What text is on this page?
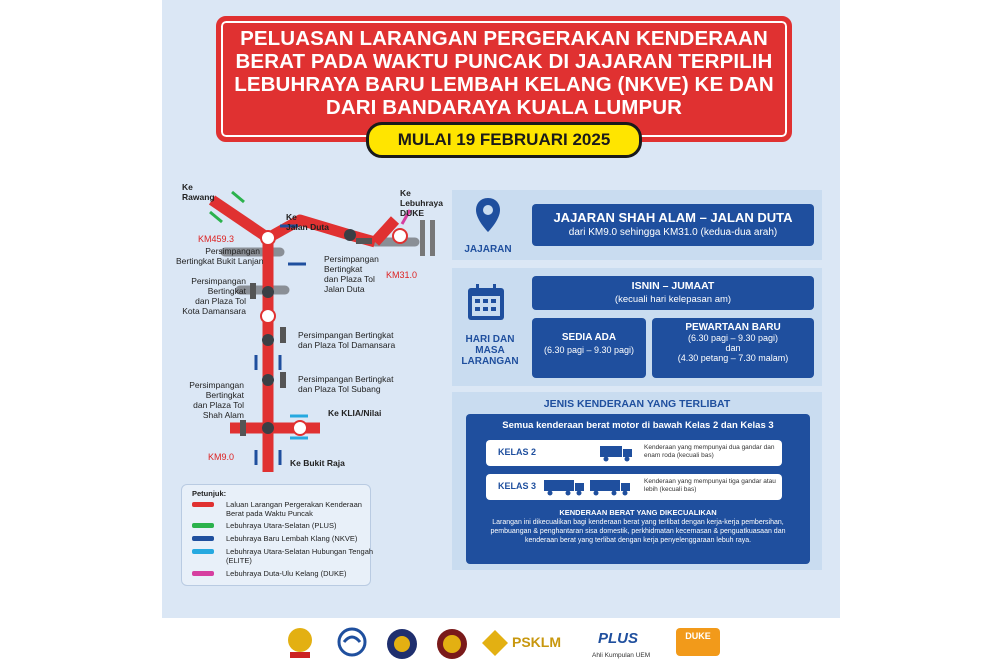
PELUASAN LARANGAN PERGERAKAN KENDERAAN
BERAT PADA WAKTU PUNCAK DI JAJARAN TERPILIH
LEBUHRAYA BARU LEMBAH KELANG (NKVE) KE DAN
DARI BANDARAYA KUALA LUMPUR
MULAI 19 FEBRUARI 2025
Ke
Rawang
Ke
Jalan Duta
Ke
Lebuhraya
DUKE
KM459.3
KM31.0
KM9.0
Persimpangan
Bertingkat Bukit Lanjan	Persimpangan
Bertingkat
dan Plaza Tol
Jalan Duta
Persimpangan
Bertingkat
dan Plaza Tol
Kota Damansara
Persimpangan Bertingkat
dan Plaza Tol Damansara
Persimpangan Bertingkat
dan Plaza Tol Subang
Persimpangan
Bertingkat
dan Plaza Tol
Shah Alam	Ke KLIA/Nilai
Ke Bukit Raja
Petunjuk:
Laluan Larangan Pergerakan Kenderaan Berat pada Waktu Puncak
Lebuhraya Utara-Selatan (PLUS)
Lebuhraya Baru Lembah Klang (NKVE)
Lebuhraya Utara-Selatan Hubungan Tengah (ELITE)
Lebuhraya Duta-Ulu Kelang (DUKE)
JAJARAN
JAJARAN SHAH ALAM – JALAN DUTA
dari KM9.0 sehingga KM31.0 (kedua-dua arah)
HARI DAN
MASA
LARANGAN
ISNIN – JUMAAT
(kecuali hari kelepasan am)
SEDIA ADA
(6.30 pagi – 9.30 pagi)
PEWARTAAN BARU
(6.30 pagi – 9.30 pagi)
dan
(4.30 petang – 7.30 malam)
JENIS KENDERAAN YANG TERLIBAT
Semua kenderaan berat motor di bawah Kelas 2 dan Kelas 3
KELAS 2	Kenderaan yang mempunyai dua gandar dan enam roda (kecuali bas)
KELAS 3	Kenderaan yang mempunyai tiga gandar atau lebih (kecuali bas)
KENDERAAN BERAT YANG DIKECUALIKAN
Larangan ini dikecualikan bagi kenderaan berat yang terlibat dengan kerja-kerja pembersihan, pembuangan & penghantaran sisa domestik, perkhidmatan kecemasan & penguatkuasaan dan kenderaan berat yang terlibat dengan kerja penyelenggaraan lebuh raya.
PSKLM PLUS
Ahli Kumpulan UEM
DUKE
